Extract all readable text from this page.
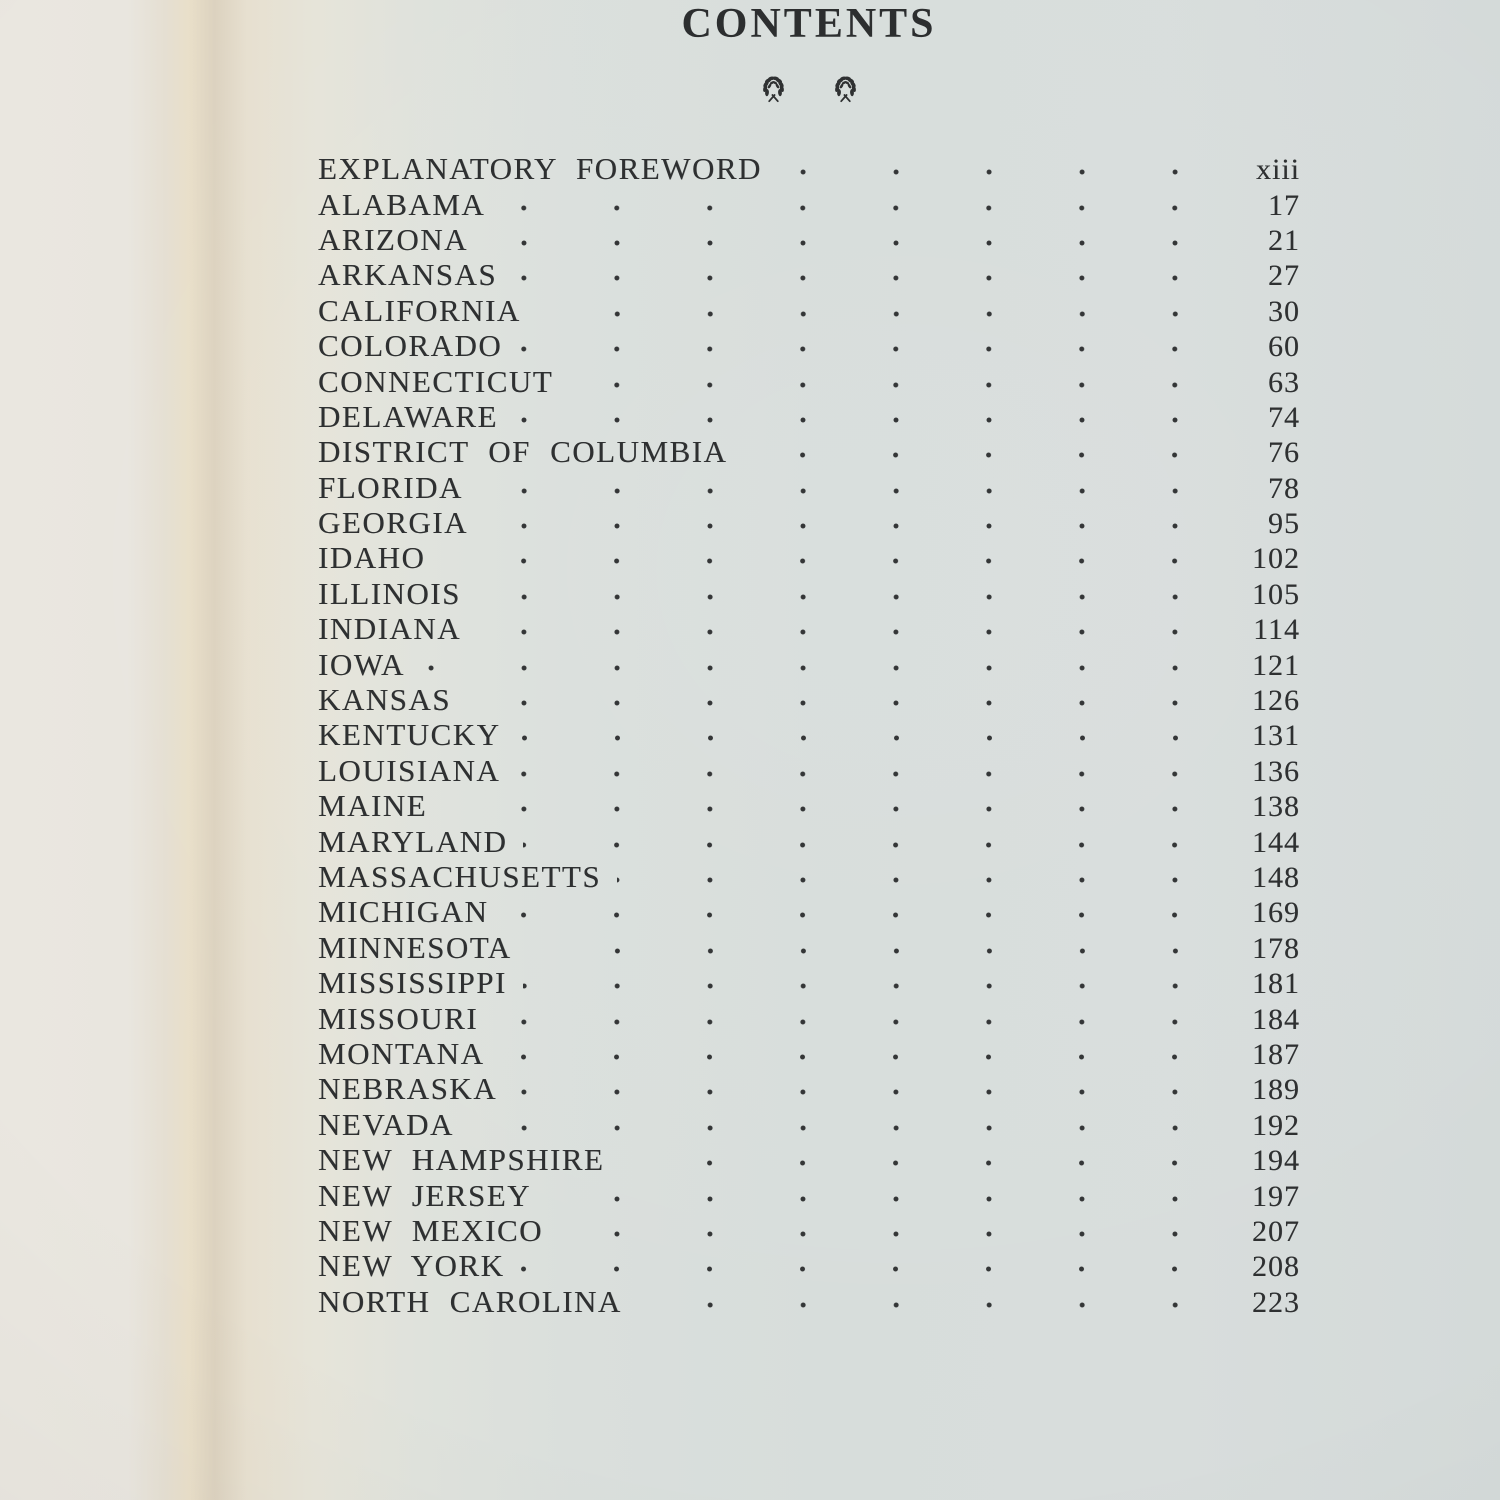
CONTENTS
EXPLANATORY FOREWORD	xiii
ALABAMA	17
ARIZONA	21
ARKANSAS	27
CALIFORNIA	30
COLORADO	60
CONNECTICUT	63
DELAWARE	74
DISTRICT OF COLUMBIA	76
FLORIDA	78
GEORGIA	95
IDAHO	102
ILLINOIS	105
INDIANA	114
IOWA	121
KANSAS	126
KENTUCKY	131
LOUISIANA	136
MAINE	138
MARYLAND	144
MASSACHUSETTS	148
MICHIGAN	169
MINNESOTA	178
MISSISSIPPI	181
MISSOURI	184
MONTANA	187
NEBRASKA	189
NEVADA	192
NEW HAMPSHIRE	194
NEW JERSEY	197
NEW MEXICO	207
NEW YORK	208
NORTH CAROLINA	223
